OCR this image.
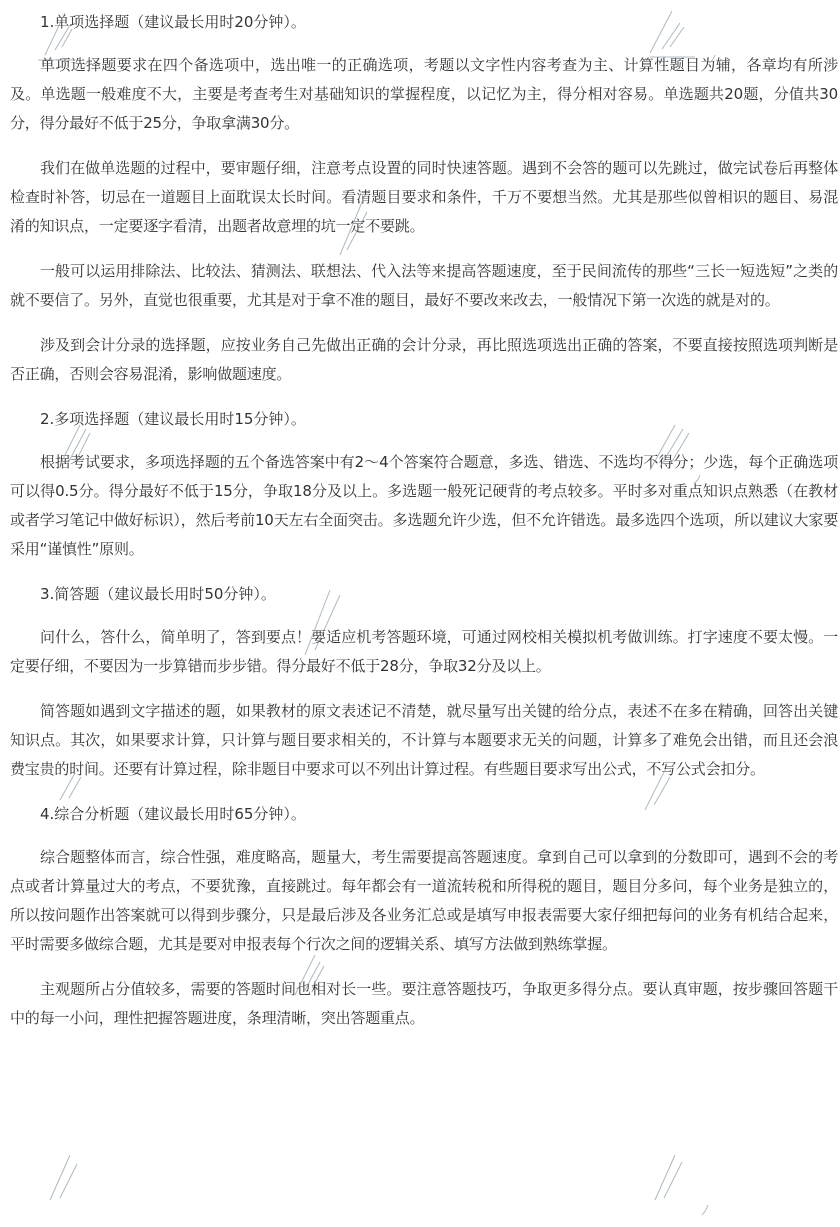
1.单项选择题（建议最长用时20分钟）。

单项选择题要求在四个备选项中，选出唯一的正确选项，考题以文字性内容考查为主、计算性题目为辅，各章均有所涉及。单选题一般难度不大，主要是考查考生对基础知识的掌握程度，以记忆为主，得分相对容易。单选题共20题，分值共30分，得分最好不低于25分，争取拿满30分。

我们在做单选题的过程中，要审题仔细，注意考点设置的同时快速答题。遇到不会答的题可以先跳过，做完试卷后再整体检查时补答，切忌在一道题目上面耽误太长时间。看清题目要求和条件，千万不要想当然。尤其是那些似曾相识的题目、易混淆的知识点，一定要逐字看清，出题者故意埋的坑一定不要跳。

一般可以运用排除法、比较法、猜测法、联想法、代入法等来提高答题速度，至于民间流传的那些“三长一短选短”之类的就不要信了。另外，直觉也很重要，尤其是对于拿不准的题目，最好不要改来改去，一般情况下第一次选的就是对的。

涉及到会计分录的选择题，应按业务自己先做出正确的会计分录，再比照选项选出正确的答案，不要直接按照选项判断是否正确，否则会容易混淆，影响做题速度。

2.多项选择题（建议最长用时15分钟）。

根据考试要求，多项选择题的五个备选答案中有2～4个答案符合题意，多选、错选、不选均不得分；少选，每个正确选项可以得0.5分。得分最好不低于15分，争取18分及以上。多选题一般死记硬背的考点较多。平时多对重点知识点熟悉（在教材或者学习笔记中做好标识），然后考前10天左右全面突击。多选题允许少选，但不允许错选。最多选四个选项，所以建议大家要采用“谨慎性”原则。

3.简答题（建议最长用时50分钟）。

问什么，答什么，简单明了，答到要点！要适应机考答题环境，可通过网校相关模拟机考做训练。打字速度不要太慢。一定要仔细，不要因为一步算错而步步错。得分最好不低于28分，争取32分及以上。

简答题如遇到文字描述的题，如果教材的原文表述记不清楚，就尽量写出关键的给分点，表述不在多在精确，回答出关键知识点。其次，如果要求计算，只计算与题目要求相关的，不计算与本题要求无关的问题，计算多了难免会出错，而且还会浪费宝贵的时间。还要有计算过程，除非题目中要求可以不列出计算过程。有些题目要求写出公式，不写公式会扣分。

4.综合分析题（建议最长用时65分钟）。

综合题整体而言，综合性强，难度略高，题量大，考生需要提高答题速度。拿到自己可以拿到的分数即可，遇到不会的考点或者计算量过大的考点，不要犹豫，直接跳过。每年都会有一道流转税和所得税的题目，题目分多问，每个业务是独立的，所以按问题作出答案就可以得到步骤分，只是最后涉及各业务汇总或是填写申报表需要大家仔细把每问的业务有机结合起来，平时需要多做综合题，尤其是要对申报表每个行次之间的逻辑关系、填写方法做到熟练掌握。

主观题所占分值较多，需要的答题时间也相对长一些。要注意答题技巧，争取更多得分点。要认真审题，按步骤回答题干中的每一小问，理性把握答题进度，条理清晰，突出答题重点。
